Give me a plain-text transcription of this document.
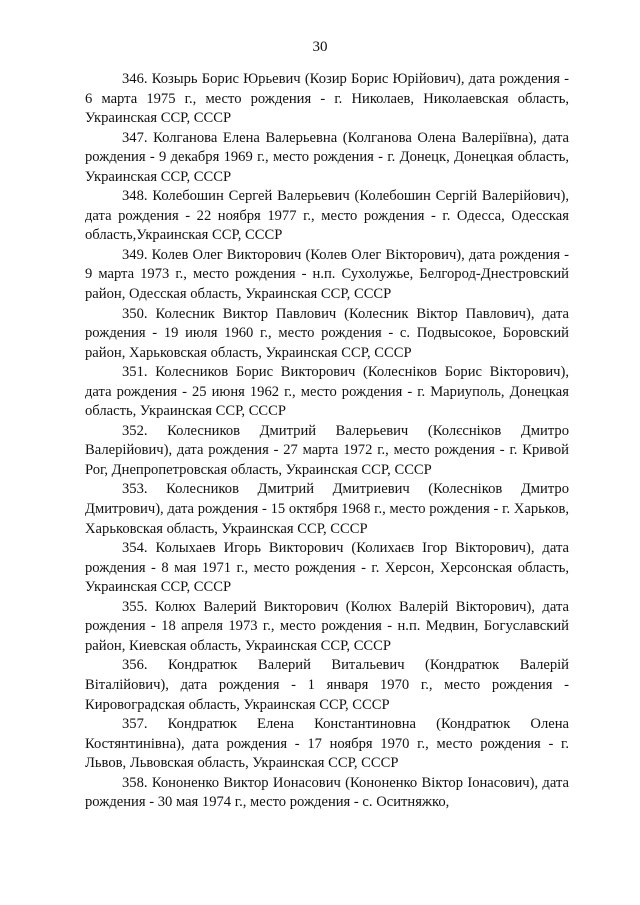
30

346. Козырь Борис Юрьевич (Козир Борис Юрійович), дата рождения - 6 марта 1975 г., место рождения - г. Николаев, Николаевская область, Украинская ССР, СССР

347. Колганова Елена Валерьевна (Колганова Олена Валеріївна), дата рождения - 9 декабря 1969 г., место рождения - г. Донецк, Донецкая область, Украинская ССР, СССР

348. Колебошин Сергей Валерьевич (Колебошин Сергій Валерійович), дата рождения - 22 ноября 1977 г., место рождения - г. Одесса, Одесская область,Украинская ССР, СССР

349. Колев Олег Викторович (Колев Олег Вікторович), дата рождения - 9 марта 1973 г., место рождения - н.п. Сухолужье, Белгород-Днестровский район, Одесская область, Украинская ССР, СССР

350. Колесник Виктор Павлович (Колесник Віктор Павлович), дата рождения - 19 июля 1960 г., место рождения - с. Подвысокое, Боровский район, Харьковская область, Украинская ССР, СССР

351. Колесников Борис Викторович (Колесніков Борис Вікторович), дата рождения - 25 июня 1962 г., место рождения - г. Мариуполь, Донецкая область, Украинская ССР, СССР

352. Колесников Дмитрий Валерьевич (Колєсніков Дмитро Валерійович), дата рождения - 27 марта 1972 г., место рождения - г. Кривой Рог, Днепропетровская область, Украинская ССР, СССР

353. Колесников Дмитрий Дмитриевич (Колесніков Дмитро Дмитрович), дата рождения - 15 октября 1968 г., место рождения - г. Харьков, Харьковская область, Украинская ССР, СССР

354. Колыхаев Игорь Викторович (Колихаєв Ігор Вікторович), дата рождения - 8 мая 1971 г., место рождения - г. Херсон, Херсонская область, Украинская ССР, СССР

355. Колюх Валерий Викторович (Колюх Валерій Вікторович), дата рождения - 18 апреля 1973 г., место рождения - н.п. Медвин, Богуславский район, Киевская область, Украинская ССР, СССР

356. Кондратюк Валерий Витальевич (Кондратюк Валерій Віталійович), дата рождения - 1 января 1970 г., место рождения - Кировоградская область, Украинская ССР, СССР

357. Кондратюк Елена Константиновна (Кондратюк Олена Костянтинівна), дата рождения - 17 ноября 1970 г., место рождения - г. Львов, Львовская область, Украинская ССР, СССР

358. Кононенко Виктор Ионасович (Кононенко Віктор Іонасович), дата рождения - 30 мая 1974 г., место рождения - с. Оситняжко,
